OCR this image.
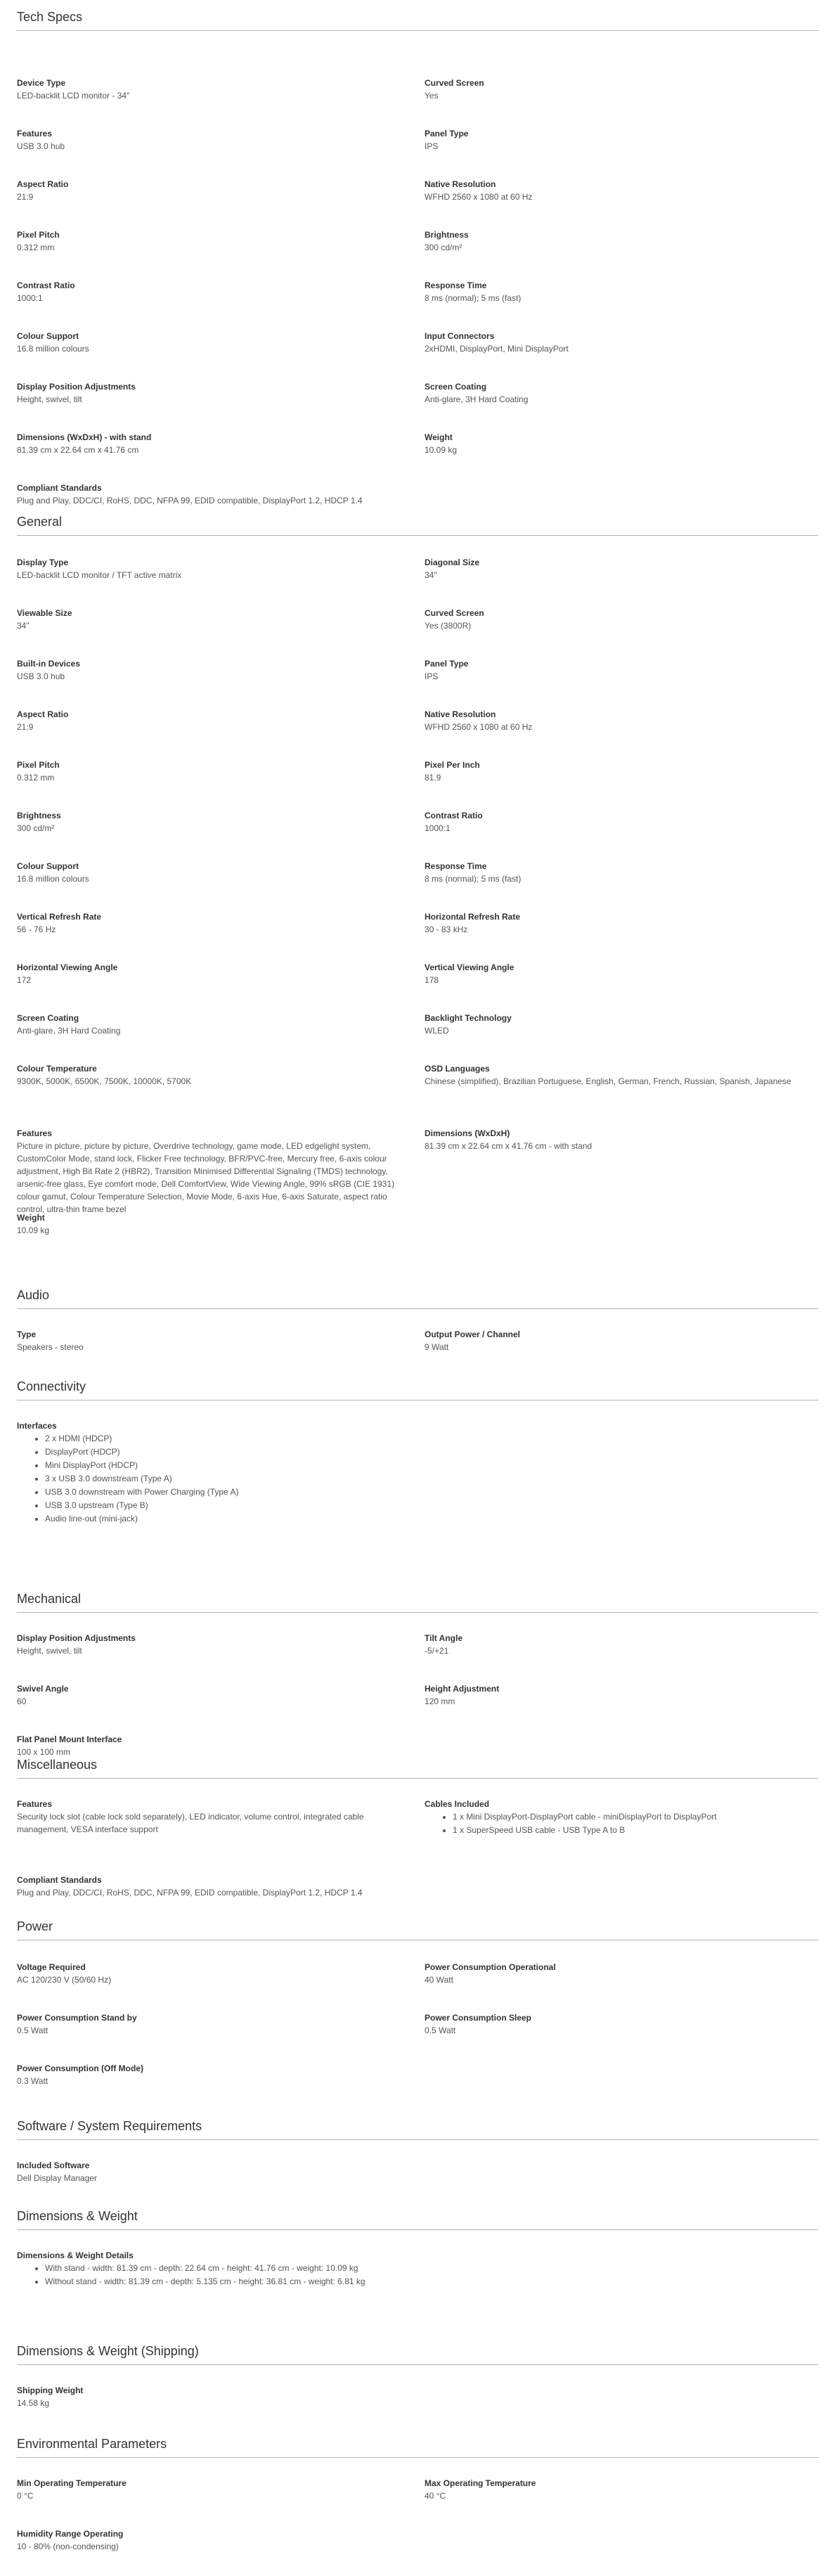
Tech Specs
Device Type
LED-backlit LCD monitor - 34"
Curved Screen
Yes
Features
USB 3.0 hub
Panel Type
IPS
Aspect Ratio
21:9
Native Resolution
WFHD 2560 x 1080 at 60 Hz
Pixel Pitch
0.312 mm
Brightness
300 cd/m²
Contrast Ratio
1000:1
Response Time
8 ms (normal); 5 ms (fast)
Colour Support
16.8 million colours
Input Connectors
2xHDMI, DisplayPort, Mini DisplayPort
Display Position Adjustments
Height, swivel, tilt
Screen Coating
Anti-glare, 3H Hard Coating
Dimensions (WxDxH) - with stand
81.39 cm x 22.64 cm x 41.76 cm
Weight
10.09 kg
Compliant Standards
Plug and Play, DDC/CI, RoHS, DDC, NFPA 99, EDID compatible, DisplayPort 1.2, HDCP 1.4
General
Display Type
LED-backlit LCD monitor / TFT active matrix
Diagonal Size
34"
Viewable Size
34"
Curved Screen
Yes (3800R)
Built-in Devices
USB 3.0 hub
Panel Type
IPS
Aspect Ratio
21:9
Native Resolution
WFHD 2560 x 1080 at 60 Hz
Pixel Pitch
0.312 mm
Pixel Per Inch
81.9
Brightness
300 cd/m²
Contrast Ratio
1000:1
Colour Support
16.8 million colours
Response Time
8 ms (normal); 5 ms (fast)
Vertical Refresh Rate
56 - 76 Hz
Horizontal Refresh Rate
30 - 83 kHz
Horizontal Viewing Angle
172
Vertical Viewing Angle
178
Screen Coating
Anti-glare, 3H Hard Coating
Backlight Technology
WLED
Colour Temperature
9300K, 5000K, 6500K, 7500K, 10000K, 5700K
OSD Languages
Chinese (simplified), Brazilian Portuguese, English, German, French, Russian, Spanish, Japanese
Features
Picture in picture, picture by picture, Overdrive technology, game mode, LED edgelight system, CustomColor Mode, stand lock, Flicker Free technology, BFR/PVC-free, Mercury free, 6-axis colour adjustment, High Bit Rate 2 (HBR2), Transition Minimised Differential Signaling (TMDS) technology, arsenic-free glass, Eye comfort mode, Dell ComfortView, Wide Viewing Angle, 99% sRGB (CIE 1931) colour gamut, Colour Temperature Selection, Movie Mode, 6-axis Hue, 6-axis Saturate, aspect ratio control, ultra-thin frame bezel
Dimensions (WxDxH)
81.39 cm x 22.64 cm x 41.76 cm - with stand
Weight
10.09 kg
Audio
Type
Speakers - stereo
Output Power / Channel
9 Watt
Connectivity
Interfaces
• 2 x HDMI (HDCP)
• DisplayPort (HDCP)
• Mini DisplayPort (HDCP)
• 3 x USB 3.0 downstream (Type A)
• USB 3.0 downstream with Power Charging (Type A)
• USB 3.0 upstream (Type B)
• Audio line-out (mini-jack)
Mechanical
Display Position Adjustments
Height, swivel, tilt
Tilt Angle
-5/+21
Swivel Angle
60
Height Adjustment
120 mm
Flat Panel Mount Interface
100 x 100 mm
Miscellaneous
Features
Security lock slot (cable lock sold separately), LED indicator, volume control, integrated cable management, VESA interface support
Cables Included
• 1 x Mini DisplayPort-DisplayPort cable - miniDisplayPort to DisplayPort
• 1 x SuperSpeed USB cable - USB Type A to B
Compliant Standards
Plug and Play, DDC/CI, RoHS, DDC, NFPA 99, EDID compatible, DisplayPort 1.2, HDCP 1.4
Power
Voltage Required
AC 120/230 V (50/60 Hz)
Power Consumption Operational
40 Watt
Power Consumption Stand by
0.5 Watt
Power Consumption Sleep
0.5 Watt
Power Consumption (Off Mode)
0.3 Watt
Software / System Requirements
Included Software
Dell Display Manager
Dimensions & Weight
Dimensions & Weight Details
• With stand - width: 81.39 cm - depth: 22.64 cm - height: 41.76 cm - weight: 10.09 kg
• Without stand - width: 81.39 cm - depth: 5.135 cm - height: 36.81 cm - weight: 6.81 kg
Dimensions & Weight (Shipping)
Shipping Weight
14.58 kg
Environmental Parameters
Min Operating Temperature
0 °C
Max Operating Temperature
40 °C
Humidity Range Operating
10 - 80% (non-condensing)
